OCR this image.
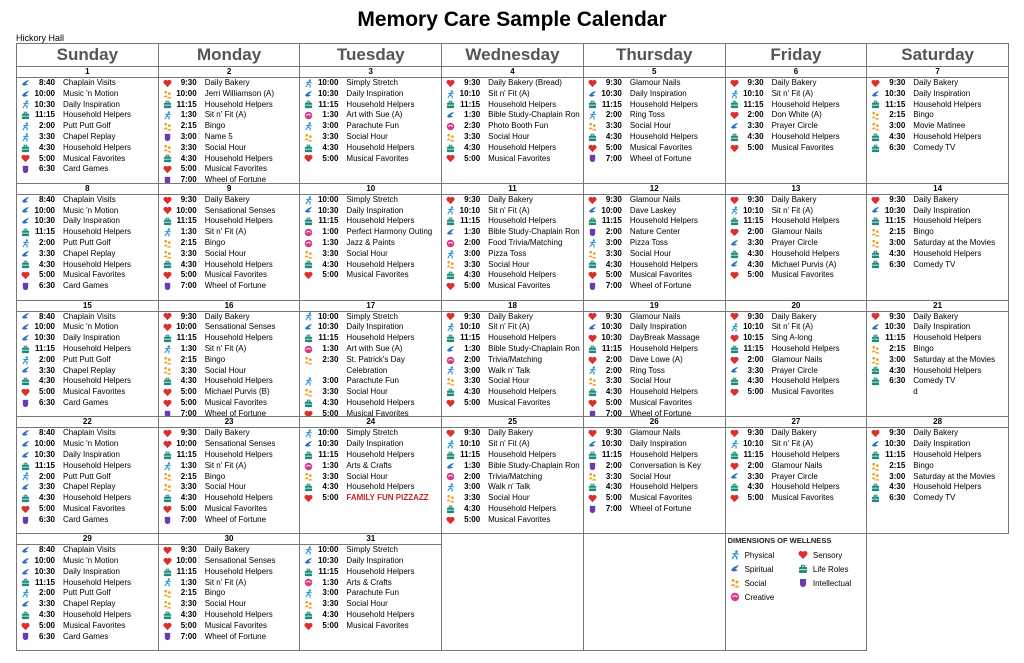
Memory Care Sample Calendar
Hickory Hall
Sunday	Monday	Tuesday	Wednesday	Thursday	Friday	Saturday
1
8:40 Chaplain Visits
10:00 Music 'n Motion
10:30 Daily Inspiration
11:15 Household Helpers
2:00 Putt Putt Golf
3:30 Chapel Replay
4:30 Household Helpers
5:00 Musical Favorites
6:30 Card Games
2
9:30 Daily Bakery
10:00 Jerri Williamson (A)
11:15 Household Helpers
1:30 Sit n' Fit (A)
2:15 Bingo
3:00 Name 5
3:30 Social Hour
4:30 Household Helpers
5:00 Musical Favorites
7:00 Wheel of Fortune
3
10:00 Simply Stretch
10:30 Daily Inspiration
11:15 Household Helpers
1:30 Art with Sue (A)
3:00 Parachute Fun
3:30 Social Hour
4:30 Household Helpers
5:00 Musical Favorites
4
9:30 Daily Bakery (Bread)
10:10 Sit n' Fit (A)
11:15 Household Helpers
1:30 Bible Study-Chaplain Ron
2:30 Photo Booth Fun
3:30 Social Hour
4:30 Household Helpers
5:00 Musical Favorites
5
9:30 Glamour Nails
10:30 Daily Inspiration
11:15 Household Helpers
2:00 Ring Toss
3:30 Social Hour
4:30 Household Helpers
5:00 Musical Favorites
7:00 Wheel of Fortune
6
9:30 Daily Bakery
10:10 Sit n' Fit (A)
11:15 Household Helpers
2:00 Don White (A)
3:30 Prayer Circle
4:30 Household Helpers
5:00 Musical Favorites
7
9:30 Daily Bakery
10:30 Daily Inspiration
11:15 Household Helpers
2:15 Bingo
3:00 Movie Matinee
4:30 Household Helpers
6:30 Comedy TV
8
8:40 Chaplain Visits
10:00 Music 'n Motion
10:30 Daily Inspiration
11:15 Household Helpers
2:00 Putt Putt Golf
3:30 Chapel Replay
4:30 Household Helpers
5:00 Musical Favorites
6:30 Card Games
9
9:30 Daily Bakery
10:00 Sensational Senses
11:15 Household Helpers
1:30 Sit n' Fit (A)
2:15 Bingo
3:30 Social Hour
4:30 Household Helpers
5:00 Musical Favorites
7:00 Wheel of Fortune
10
10:00 Simply Stretch
10:30 Daily Inspiration
11:15 Household Helpers
1:00 Perfect Harmony Outing
1:30 Jazz & Paints
3:30 Social Hour
4:30 Household Helpers
5:00 Musical Favorites
11
9:30 Daily Bakery
10:10 Sit n' Fit (A)
11:15 Household Helpers
1:30 Bible Study-Chaplain Ron
2:00 Food Trivia/Matching
3:00 Pizza Toss
3:30 Social Hour
4:30 Household Helpers
5:00 Musical Favorites
12
9:30 Glamour Nails
10:00 Dave Laskey
11:15 Household Helpers
2:00 Nature Center
3:00 Pizza Toss
3:30 Social Hour
4:30 Household Helpers
5:00 Musical Favorites
7:00 Wheel of Fortune
13
9:30 Daily Bakery
10:10 Sit n' Fit (A)
11:15 Household Helpers
2:00 Glamour Nails
3:30 Prayer Circle
4:30 Household Helpers
4:30 Michael Purvis (A)
5:00 Musical Favorites
14
9:30 Daily Bakery
10:30 Daily Inspiration
11:15 Household Helpers
2:15 Bingo
3:00 Saturday at the Movies
4:30 Household Helpers
6:30 Comedy TV
15
8:40 Chaplain Visits
10:00 Music 'n Motion
10:30 Daily Inspiration
11:15 Household Helpers
2:00 Putt Putt Golf
3:30 Chapel Replay
4:30 Household Helpers
5:00 Musical Favorites
6:30 Card Games
16
9:30 Daily Bakery
10:00 Sensational Senses
11:15 Household Helpers
1:30 Sit n' Fit (A)
2:15 Bingo
3:30 Social Hour
4:30 Household Helpers
5:00 Michael Purvis (B)
5:00 Musical Favorites
7:00 Wheel of Fortune
17
10:00 Simply Stretch
10:30 Daily Inspiration
11:15 Household Helpers
1:30 Art with Sue (A)
2:30 St. Patrick's Day
Celebration
3:00 Parachute Fun
3:30 Social Hour
4:30 Household Helpers
5:00 Musical Favorites
18
9:30 Daily Bakery
10:10 Sit n' Fit (A)
11:15 Household Helpers
1:30 Bible Study-Chaplain Ron
2:00 Trivia/Matching
3:00 Walk n' Talk
3:30 Social Hour
4:30 Household Helpers
5:00 Musical Favorites
19
9:30 Glamour Nails
10:30 Daily Inspiration
10:30 DayBreak Massage
11:15 Household Helpers
2:00 Dave Lowe (A)
2:00 Ring Toss
3:30 Social Hour
4:30 Household Helpers
5:00 Musical Favorites
7:00 Wheel of Fortune
20
9:30 Daily Bakery
10:10 Sit n' Fit (A)
10:15 Sing A-long
11:15 Household Helpers
2:00 Glamour Nails
3:30 Prayer Circle
4:30 Household Helpers
5:00 Musical Favorites
21
9:30 Daily Bakery
10:30 Daily Inspiration
11:15 Household Helpers
2:15 Bingo
3:00 Saturday at the Movies
4:30 Household Helpers
6:30 Comedy TV
d
22
8:40 Chaplain Visits
10:00 Music 'n Motion
10:30 Daily Inspiration
11:15 Household Helpers
2:00 Putt Putt Golf
3:30 Chapel Replay
4:30 Household Helpers
5:00 Musical Favorites
6:30 Card Games
23
9:30 Daily Bakery
10:00 Sensational Senses
11:15 Household Helpers
1:30 Sit n' Fit (A)
2:15 Bingo
3:30 Social Hour
4:30 Household Helpers
5:00 Musical Favorites
7:00 Wheel of Fortune
24
10:00 Simply Stretch
10:30 Daily Inspiration
11:15 Household Helpers
1:30 Arts & Crafts
3:30 Social Hour
4:30 Household Helpers
5:00 FAMILY FUN PIZZAZZ
25
9:30 Daily Bakery
10:10 Sit n' Fit (A)
11:15 Household Helpers
1:30 Bible Study-Chaplain Ron
2:00 Trivia/Matching
3:00 Walk n' Talk
3:30 Social Hour
4:30 Household Helpers
5:00 Musical Favorites
26
9:30 Glamour Nails
10:30 Daily Inspiration
11:15 Household Helpers
2:00 Conversation is Key
3:30 Social Hour
4:30 Household Helpers
5:00 Musical Favorites
7:00 Wheel of Fortune
27
9:30 Daily Bakery
10:10 Sit n' Fit (A)
11:15 Household Helpers
2:00 Glamour Nails
3:30 Prayer Circle
4:30 Household Helpers
5:00 Musical Favorites
28
9:30 Daily Bakery
10:30 Daily Inspiration
11:15 Household Helpers
2:15 Bingo
3:00 Saturday at the Movies
4:30 Household Helpers
6:30 Comedy TV
29
8:40 Chaplain Visits
10:00 Music 'n Motion
10:30 Daily Inspiration
11:15 Household Helpers
2:00 Putt Putt Golf
3:30 Chapel Replay
4:30 Household Helpers
5:00 Musical Favorites
6:30 Card Games
30
9:30 Daily Bakery
10:00 Sensational Senses
11:15 Household Helpers
1:30 Sit n' Fit (A)
2:15 Bingo
3:30 Social Hour
4:30 Household Helpers
5:00 Musical Favorites
7:00 Wheel of Fortune
31
10:00 Simply Stretch
10:30 Daily Inspiration
11:15 Household Helpers
1:30 Arts & Crafts
3:00 Parachute Fun
3:30 Social Hour
4:30 Household Helpers
5:00 Musical Favorites
DIMENSIONS OF WELLNESS
Physical	Sensory
Spiritual	Life Roles
Social	Intellectual
Creative
